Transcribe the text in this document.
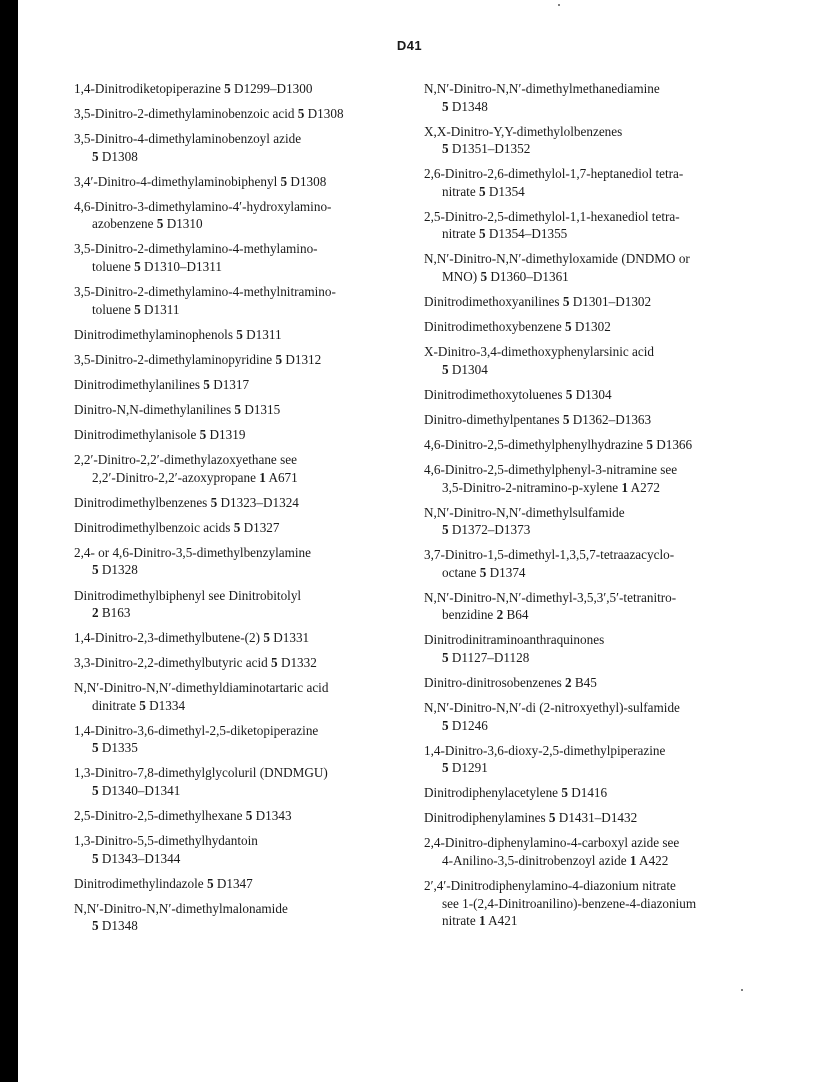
D41
1,4-Dinitrodiketopiperazine 5 D1299–D1300
3,5-Dinitro-2-dimethylaminobenzoic acid 5 D1308
3,5-Dinitro-4-dimethylaminobenzoyl azide
5 D1308
3,4′-Dinitro-4-dimethylaminobiphenyl 5 D1308
4,6-Dinitro-3-dimethylamino-4′-hydroxylamino-
azobenzene 5 D1310
3,5-Dinitro-2-dimethylamino-4-methylamino-
toluene 5 D1310–D1311
3,5-Dinitro-2-dimethylamino-4-methylnitramino-
toluene 5 D1311
Dinitrodimethylaminophenols 5 D1311
3,5-Dinitro-2-dimethylaminopyridine 5 D1312
Dinitrodimethylanilines 5 D1317
Dinitro-N,N-dimethylanilines 5 D1315
Dinitrodimethylanisole 5 D1319
2,2′-Dinitro-2,2′-dimethylazoxyethane see
2,2′-Dinitro-2,2′-azoxypropane 1 A671
Dinitrodimethylbenzenes 5 D1323–D1324
Dinitrodimethylbenzoic acids 5 D1327
2,4- or 4,6-Dinitro-3,5-dimethylbenzylamine
5 D1328
Dinitrodimethylbiphenyl see Dinitrobitolyl
2 B163
1,4-Dinitro-2,3-dimethylbutene-(2) 5 D1331
3,3-Dinitro-2,2-dimethylbutyric acid 5 D1332
N,N′-Dinitro-N,N′-dimethyldiaminotartaric acid
dinitrate 5 D1334
1,4-Dinitro-3,6-dimethyl-2,5-diketopiperazine
5 D1335
1,3-Dinitro-7,8-dimethylglycoluril (DNDMGU)
5 D1340–D1341
2,5-Dinitro-2,5-dimethylhexane 5 D1343
1,3-Dinitro-5,5-dimethylhydantoin
5 D1343–D1344
Dinitrodimethylindazole 5 D1347
N,N′-Dinitro-N,N′-dimethylmalonamide
5 D1348
N,N′-Dinitro-N,N′-dimethylmethanediamine
5 D1348
X,X-Dinitro-Y,Y-dimethylolbenzenes
5 D1351–D1352
2,6-Dinitro-2,6-dimethylol-1,7-heptanediol tetra-
nitrate 5 D1354
2,5-Dinitro-2,5-dimethylol-1,1-hexanediol tetra-
nitrate 5 D1354–D1355
N,N′-Dinitro-N,N′-dimethyloxamide (DNDMO or
MNO) 5 D1360–D1361
Dinitrodimethoxyanilines 5 D1301–D1302
Dinitrodimethoxybenzene 5 D1302
X-Dinitro-3,4-dimethoxyphenylarsinic acid
5 D1304
Dinitrodimethoxytoluenes 5 D1304
Dinitro-dimethylpentanes 5 D1362–D1363
4,6-Dinitro-2,5-dimethylphenylhydrazine 5 D1366
4,6-Dinitro-2,5-dimethylphenyl-3-nitramine see
3,5-Dinitro-2-nitramino-p-xylene 1 A272
N,N′-Dinitro-N,N′-dimethylsulfamide
5 D1372–D1373
3,7-Dinitro-1,5-dimethyl-1,3,5,7-tetraazacyclo-
octane 5 D1374
N,N′-Dinitro-N,N′-dimethyl-3,5,3′,5′-tetranitro-
benzidine 2 B64
Dinitrodinitraminoanthraquinones
5 D1127–D1128
Dinitro-dinitrosobenzenes 2 B45
N,N′-Dinitro-N,N′-di (2-nitroxyethyl)-sulfamide
5 D1246
1,4-Dinitro-3,6-dioxy-2,5-dimethylpiperazine
5 D1291
Dinitrodiphenylacetylene 5 D1416
Dinitrodiphenylamines 5 D1431–D1432
2,4-Dinitro-diphenylamino-4-carboxyl azide see
4-Anilino-3,5-dinitrobenzoyl azide 1 A422
2′,4′-Dinitrodiphenylamino-4-diazonium nitrate
see 1-(2,4-Dinitroanilino)-benzene-4-diazonium
nitrate 1 A421
